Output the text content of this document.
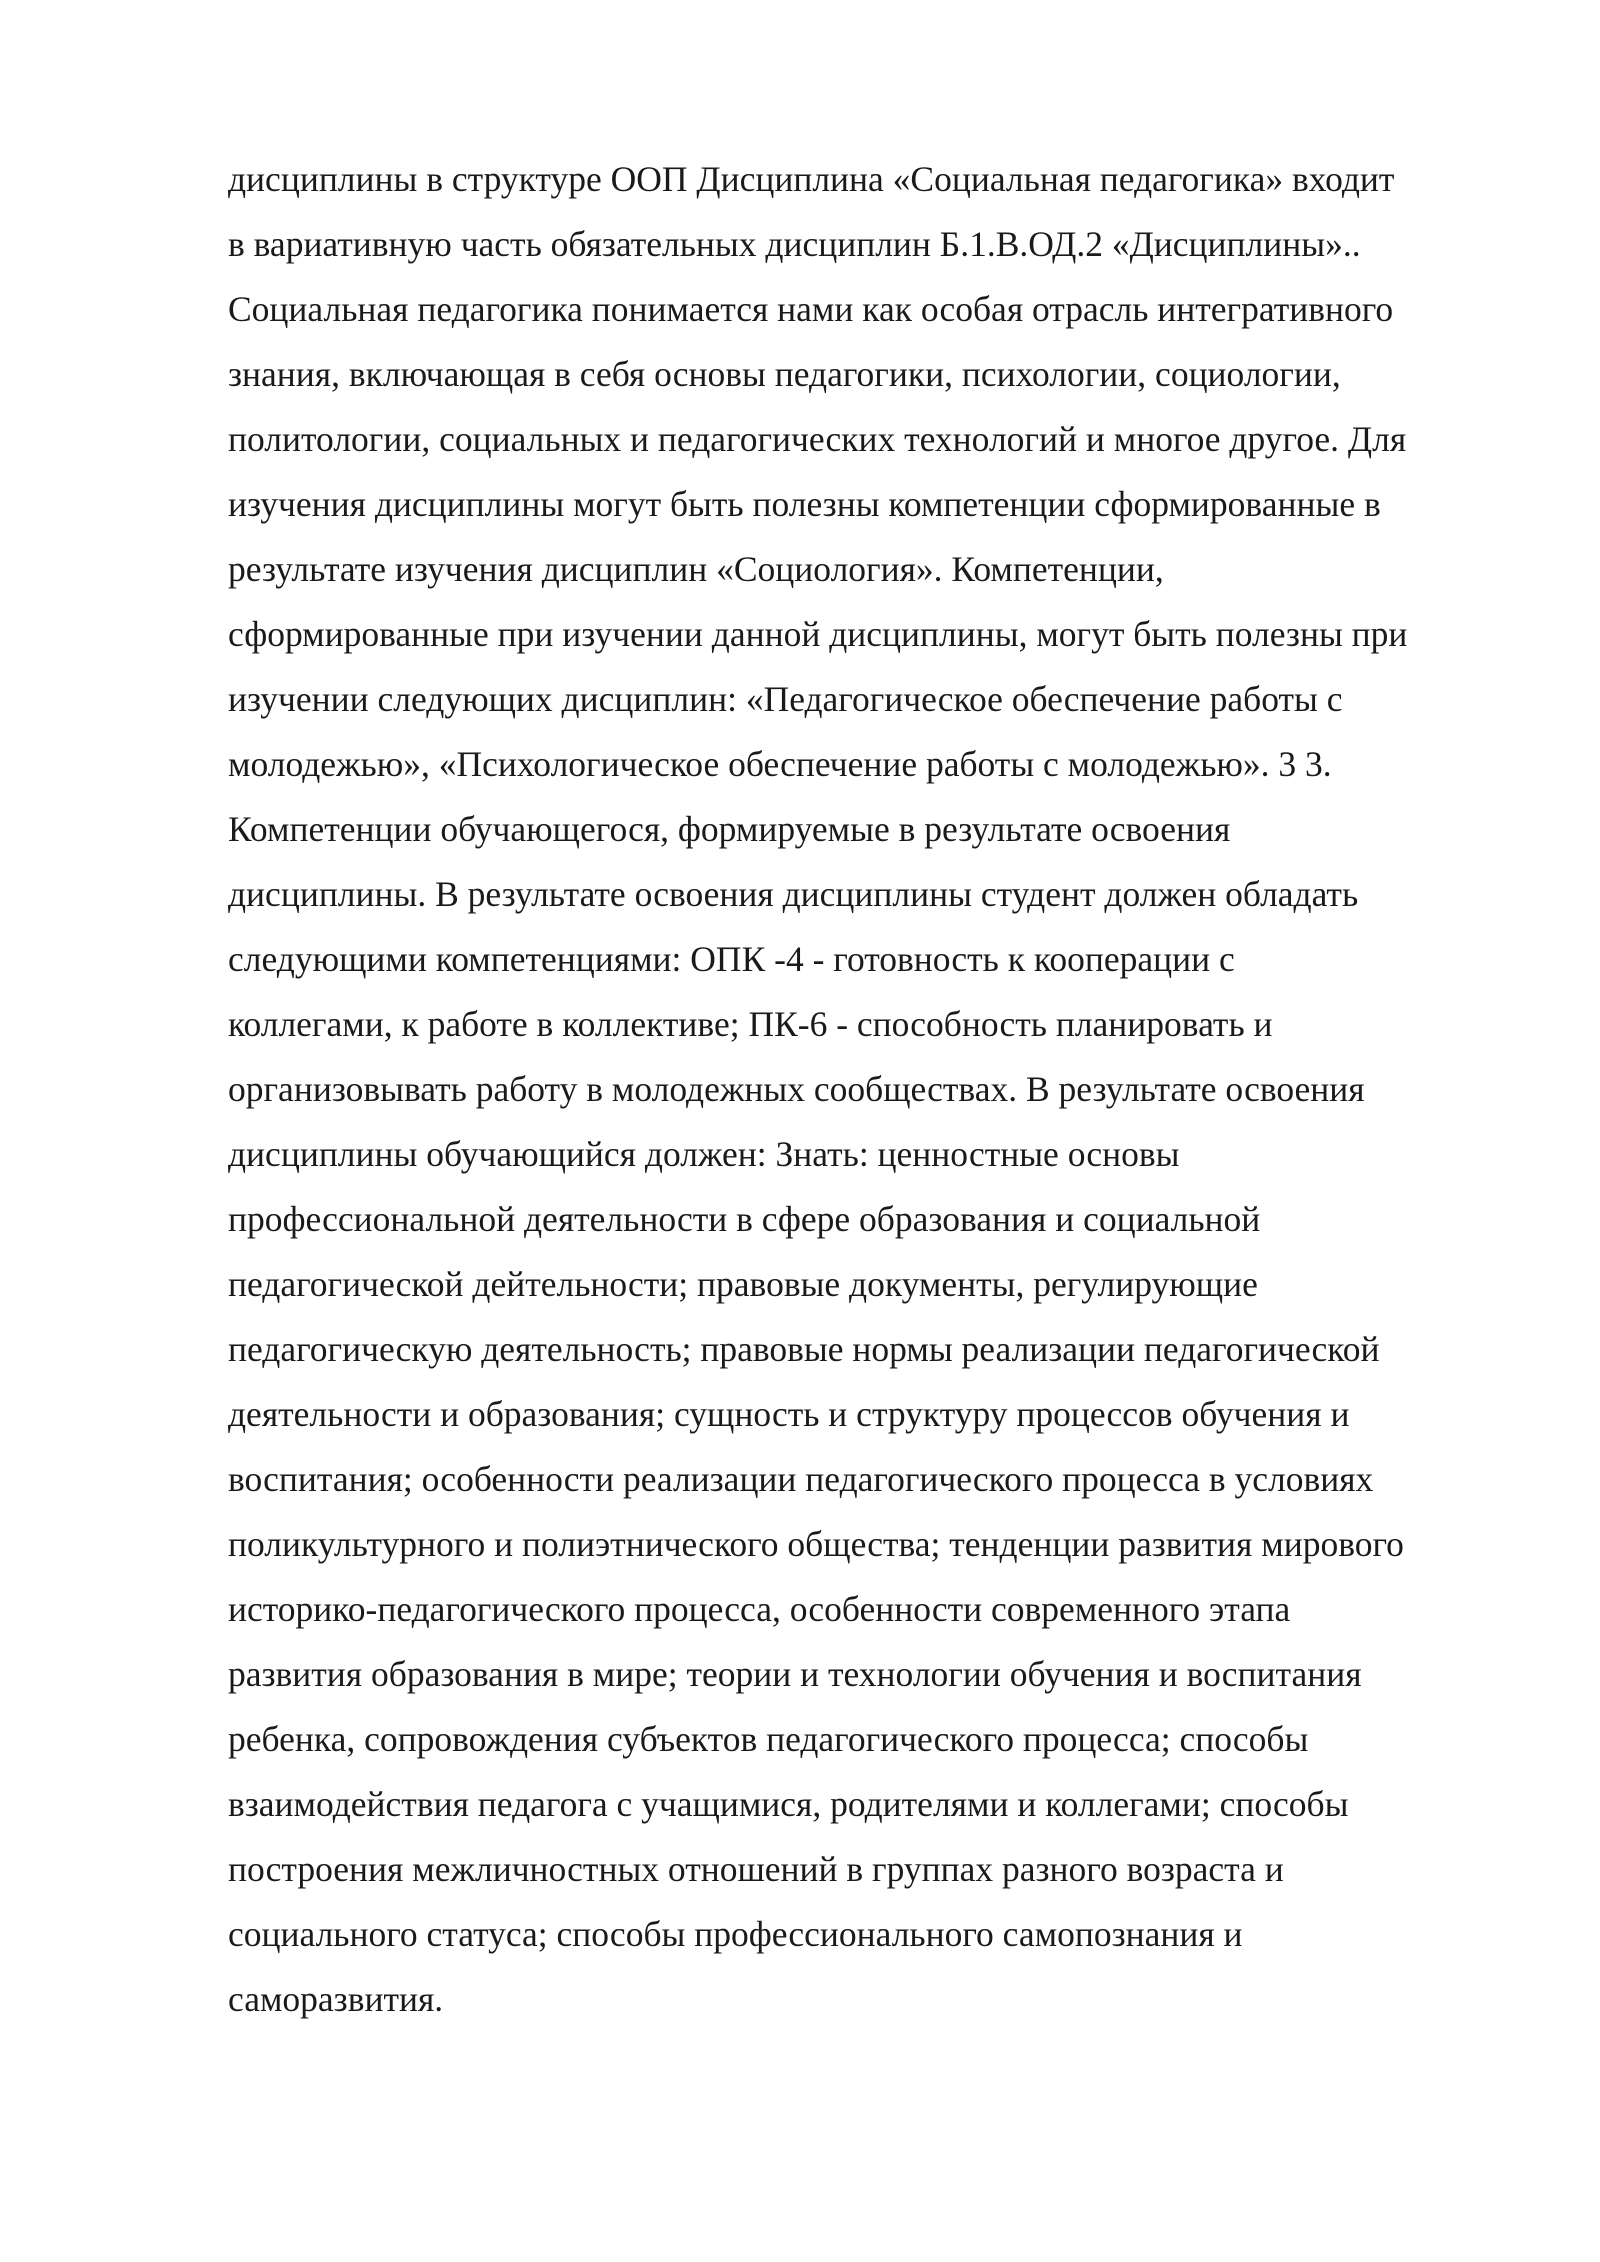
дисциплины в структуре ООП Дисциплина «Социальная педагогика» входит
в вариативную часть обязательных дисциплин Б.1.В.ОД.2 «Дисциплины»..
Социальная педагогика понимается нами как особая отрасль интегративного
знания, включающая в себя основы педагогики, психологии, социологии,
политологии, социальных и педагогических технологий и многое другое. Для
изучения дисциплины могут быть полезны компетенции сформированные в
результате изучения дисциплин «Социология». Компетенции,
сформированные при изучении данной дисциплины, могут быть полезны при
изучении следующих дисциплин: «Педагогическое обеспечение работы с
молодежью», «Психологическое обеспечение работы с молодежью». 3 3.
Компетенции обучающегося, формируемые в результате освоения
дисциплины. В результате освоения дисциплины студент должен обладать
следующими компетенциями: ОПК -4 - готовность к кооперации с
коллегами, к работе в коллективе; ПК-6 - способность планировать и
организовывать работу в молодежных сообществах. В результате освоения
дисциплины обучающийся должен: Знать: ценностные основы
профессиональной деятельности в сфере образования и социальной
педагогической дейтельности; правовые документы, регулирующие
педагогическую деятельность; правовые нормы реализации педагогической
деятельности и образования; сущность и структуру процессов обучения и
воспитания; особенности реализации педагогического процесса в условиях
поликультурного и полиэтнического общества; тенденции развития мирового
историко-педагогического процесса, особенности современного этапа
развития образования в мире; теории и технологии обучения и воспитания
ребенка, сопровождения субъектов педагогического процесса; способы
взаимодействия педагога с учащимися, родителями и коллегами; способы
построения межличностных отношений в группах разного возраста и
социального статуса; способы профессионального самопознания и
саморазвития.
